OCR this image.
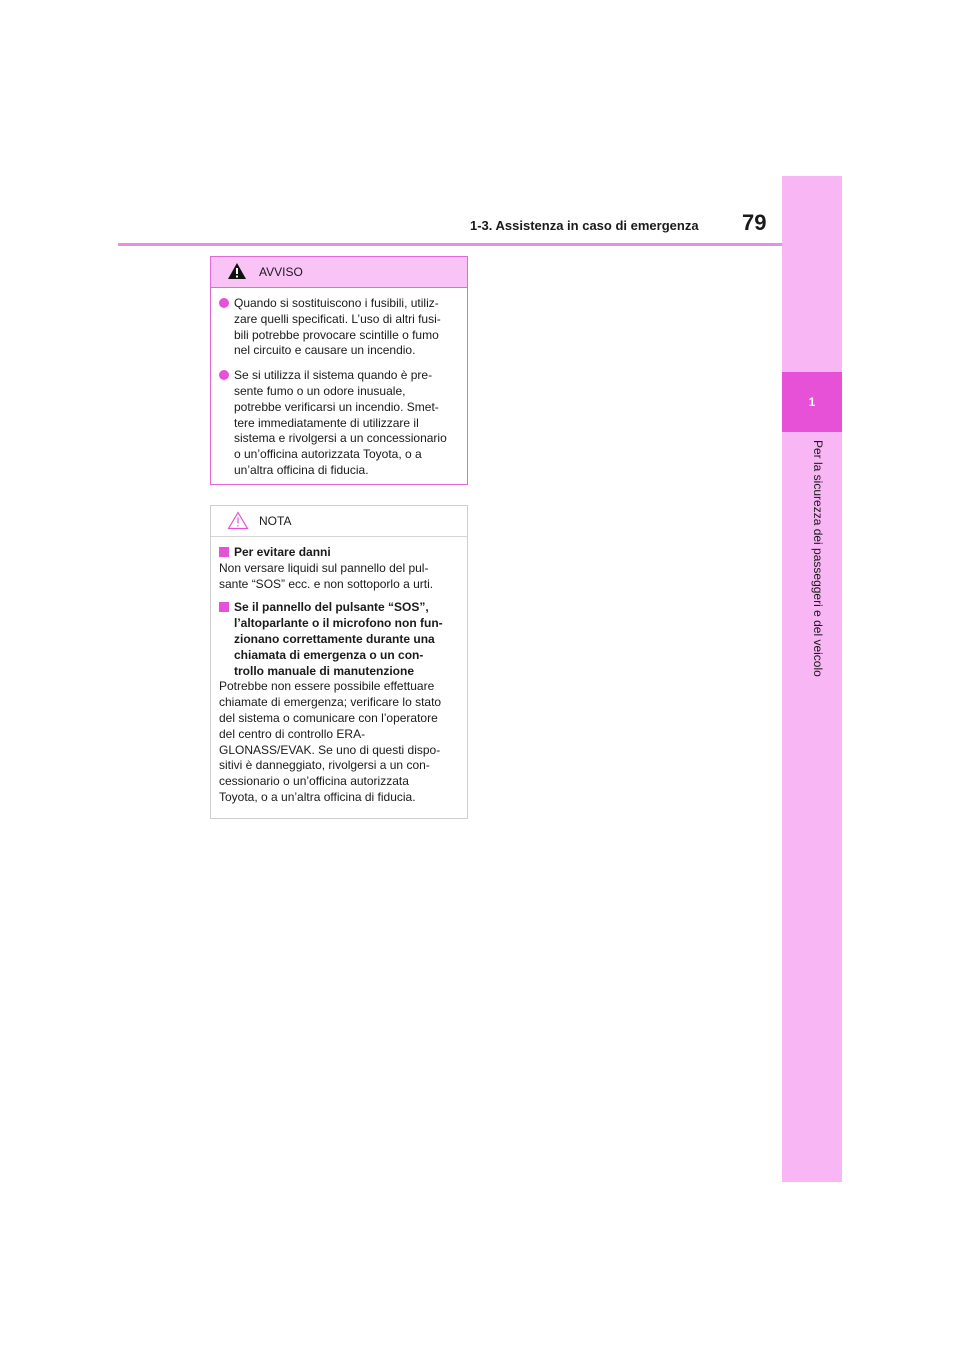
1-3. Assistenza in caso di emergenza 79
1
Per la sicurezza dei passeggeri e del veicolo
AVVISO
Quando si sostituiscono i fusibili, utiliz-
zare quelli specificati. L’uso di altri fusi-
bili potrebbe provocare scintille o fumo
nel circuito e causare un incendio.
Se si utilizza il sistema quando è pre-
sente fumo o un odore inusuale,
potrebbe verificarsi un incendio. Smet-
tere immediatamente di utilizzare il
sistema e rivolgersi a un concessionario
o un’officina autorizzata Toyota, o a
un’altra officina di fiducia.
NOTA
Per evitare danni
Non versare liquidi sul pannello del pul-
sante “SOS” ecc. e non sottoporlo a urti.
Se il pannello del pulsante “SOS”,
l’altoparlante o il microfono non fun-
zionano correttamente durante una
chiamata di emergenza o un con-
trollo manuale di manutenzione
Potrebbe non essere possibile effettuare
chiamate di emergenza; verificare lo stato
del sistema o comunicare con l’operatore
del centro di controllo ERA-
GLONASS/EVAK. Se uno di questi dispo-
sitivi è danneggiato, rivolgersi a un con-
cessionario o un’officina autorizzata
Toyota, o a un’altra officina di fiducia.
